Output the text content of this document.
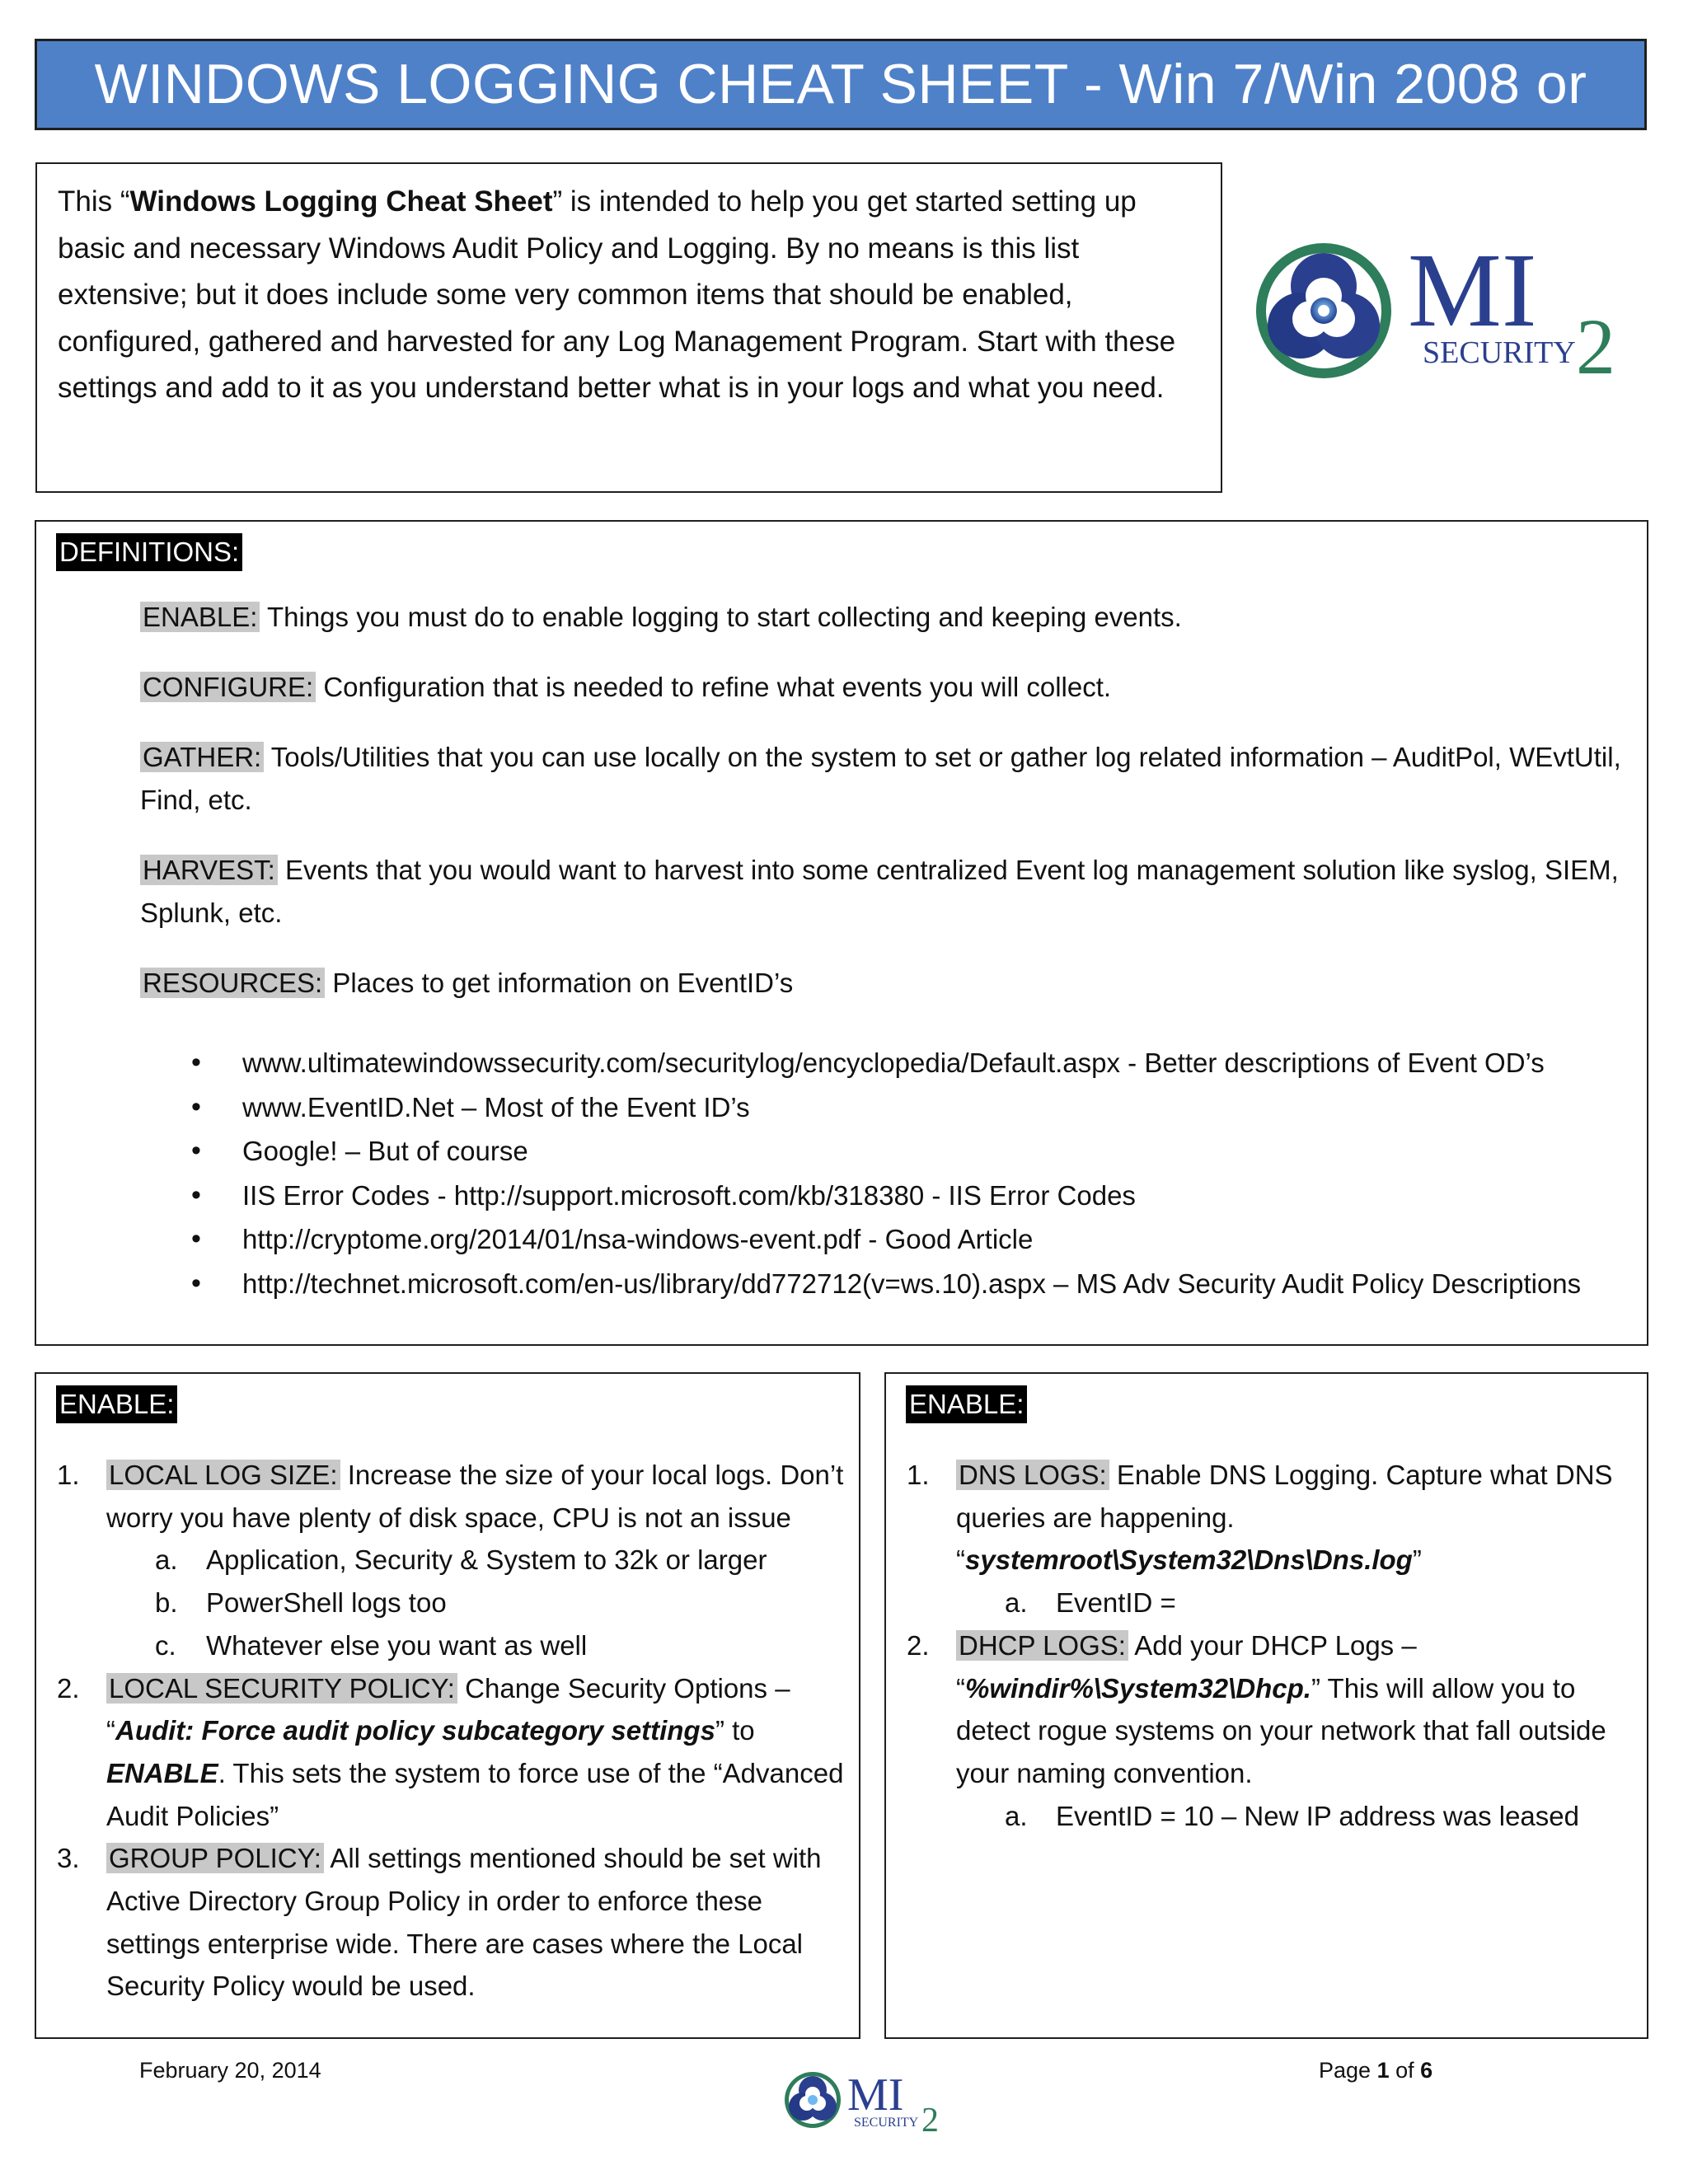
WINDOWS LOGGING CHEAT SHEET - Win 7/Win 2008 or later
This “Windows Logging Cheat Sheet” is intended to help you get started setting up basic and necessary Windows Audit Policy and Logging. By no means is this list extensive; but it does include some very common items that should be enabled, configured, gathered and harvested for any Log Management Program. Start with these settings and add to it as you understand better what is in your logs and what you need.
MI
SECURITY 2
DEFINITIONS:
ENABLE: Things you must do to enable logging to start collecting and keeping events.
CONFIGURE: Configuration that is needed to refine what events you will collect.
GATHER: Tools/Utilities that you can use locally on the system to set or gather log related information – AuditPol, WEvtUtil, Find, etc.
HARVEST: Events that you would want to harvest into some centralized Event log management solution like syslog, SIEM, Splunk, etc.
RESOURCES: Places to get information on EventID’s
• www.ultimatewindowssecurity.com/securitylog/encyclopedia/Default.aspx - Better descriptions of Event OD’s
• www.EventID.Net – Most of the Event ID’s
• Google! – But of course
• IIS Error Codes - http://support.microsoft.com/kb/318380 - IIS Error Codes
• http://cryptome.org/2014/01/nsa-windows-event.pdf - Good Article
• http://technet.microsoft.com/en-us/library/dd772712(v=ws.10).aspx – MS Adv Security Audit Policy Descriptions
ENABLE:
1. LOCAL LOG SIZE: Increase the size of your local logs. Don’t worry you have plenty of disk space, CPU is not an issue
a. Application, Security & System to 32k or larger
b. PowerShell logs too
c. Whatever else you want as well
2. LOCAL SECURITY POLICY: Change Security Options – “Audit: Force audit policy subcategory settings” to ENABLE. This sets the system to force use of the “Advanced Audit Policies”
3. GROUP POLICY: All settings mentioned should be set with Active Directory Group Policy in order to enforce these settings enterprise wide. There are cases where the Local Security Policy would be used.
ENABLE:
1. DNS LOGS: Enable DNS Logging. Capture what DNS queries are happening. “systemroot\System32\Dns\Dns.log”
a. EventID =
2. DHCP LOGS: Add your DHCP Logs – “%windir%\System32\Dhcp.” This will allow you to detect rogue systems on your network that fall outside your naming convention.
a. EventID = 10 – New IP address was leased
February 20, 2014	Page 1 of 6
MI
SECURITY 2
